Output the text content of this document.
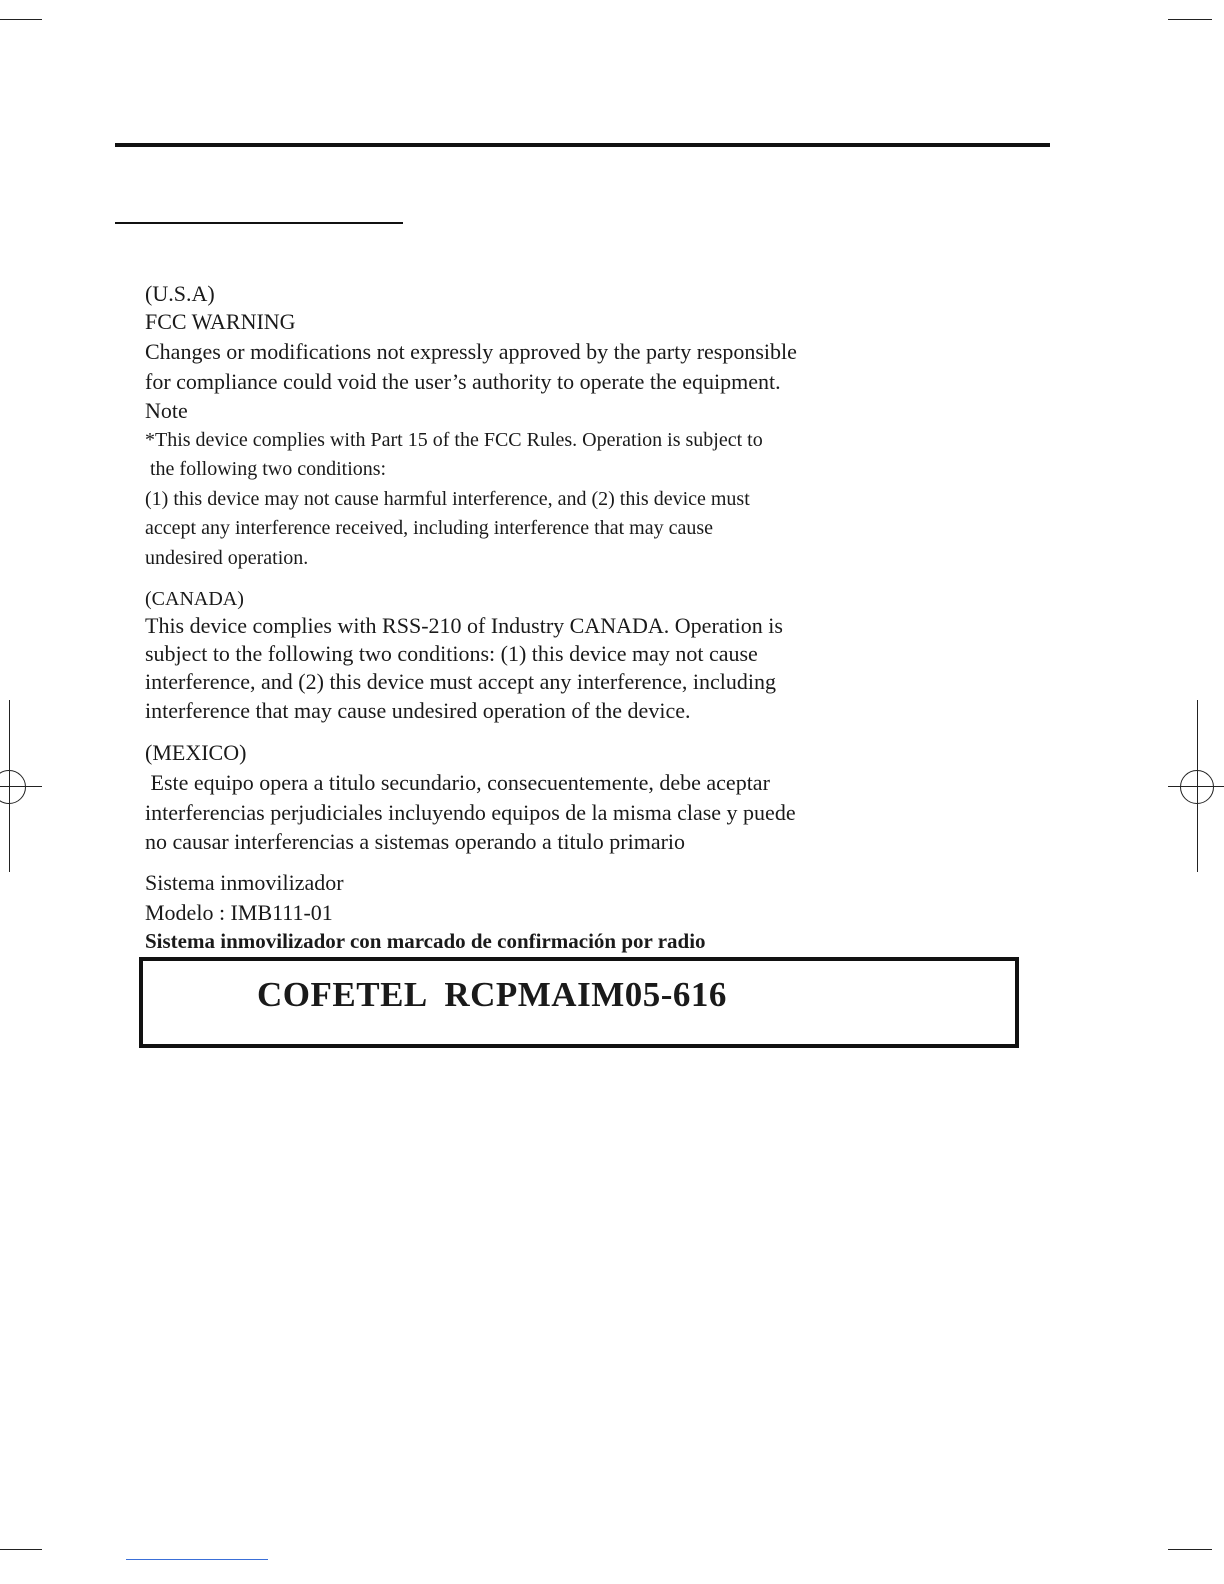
(U.S.A)
FCC WARNING
Changes or modifications not expressly approved by the party responsible
for compliance could void the user’s authority to operate the equipment.
Note
*This device complies with Part 15 of the FCC Rules. Operation is subject to
the following two conditions:
(1) this device may not cause harmful interference, and (2) this device must
accept any interference received, including interference that may cause
undesired operation.
(CANADA)
This device complies with RSS-210 of Industry CANADA. Operation is
subject to the following two conditions: (1) this device may not cause
interference, and (2) this device must accept any interference, including
interference that may cause undesired operation of the device.
(MEXICO)
Este equipo opera a titulo secundario, consecuentemente, debe aceptar
interferencias perjudiciales incluyendo equipos de la misma clase y puede
no causar interferencias a sistemas operando a titulo primario
Sistema inmovilizador
Modelo : IMB111-01
Sistema inmovilizador con marcado de confirmación por radio
COFETEL  RCPMAIM05-616
